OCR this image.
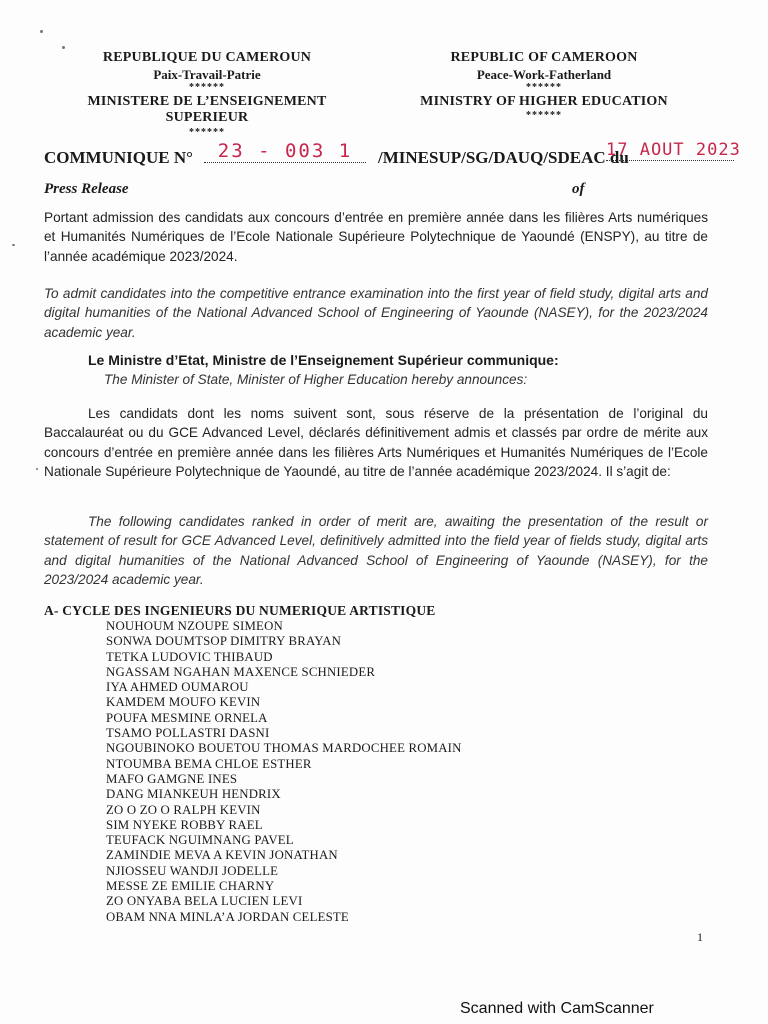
REPUBLIQUE DU CAMEROUN
Paix-Travail-Patrie
******
MINISTERE DE L’ENSEIGNEMENT
SUPERIEUR
******
REPUBLIC OF CAMEROON
Peace-Work-Fatherland
******
MINISTRY OF HIGHER EDUCATION
******
COMMUNIQUE N°	23 - 003 1	/MINESUP/SG/DAUQ/SDEAC du
17 AOUT 2023
Press Release	of
Portant admission des candidats aux concours d’entrée en première année dans les filières Arts numériques et Humanités Numériques de l’Ecole Nationale Supérieure Polytechnique de Yaoundé (ENSPY), au titre de l’année académique 2023/2024.
To admit candidates into the competitive entrance examination into the first year of field study, digital arts and digital humanities of the National Advanced School of Engineering of Yaounde (NASEY), for the 2023/2024 academic year.
Le Ministre d’Etat, Ministre de l’Enseignement Supérieur communique:
The Minister of State, Minister of Higher Education hereby announces:
Les candidats dont les noms suivent sont, sous réserve de la présentation de l’original du Baccalauréat ou du GCE Advanced Level, déclarés définitivement admis et classés par ordre de mérite aux concours d’entrée en première année dans les filières Arts Numériques et Humanités Numériques de l’Ecole Nationale Supérieure Polytechnique de Yaoundé, au titre de l’année académique 2023/2024. Il s’agit de:
The following candidates ranked in order of merit are, awaiting the presentation of the result or statement of result for GCE Advanced Level, definitively admitted into the field year of fields study, digital arts and digital humanities of the National Advanced School of Engineering of Yaounde (NASEY), for the 2023/2024 academic year.
A- CYCLE DES INGENIEURS DU NUMERIQUE ARTISTIQUE
NOUHOUM NZOUPE SIMEON
SONWA DOUMTSOP DIMITRY BRAYAN
TETKA LUDOVIC THIBAUD
NGASSAM NGAHAN MAXENCE SCHNIEDER
IYA AHMED OUMAROU
KAMDEM MOUFO KEVIN
POUFA MESMINE ORNELA
TSAMO POLLASTRI DASNI
NGOUBINOKO BOUETOU THOMAS MARDOCHEE ROMAIN
NTOUMBA BEMA CHLOE ESTHER
MAFO GAMGNE INES
DANG MIANKEUH HENDRIX
ZO O ZO O RALPH KEVIN
SIM NYEKE ROBBY RAEL
TEUFACK NGUIMNANG PAVEL
ZAMINDIE MEVA A KEVIN JONATHAN
NJIOSSEU WANDJI JODELLE
MESSE ZE EMILIE CHARNY
ZO ONYABA BELA LUCIEN LEVI
OBAM NNA MINLA’A JORDAN CELESTE
1
Scanned with CamScanner
